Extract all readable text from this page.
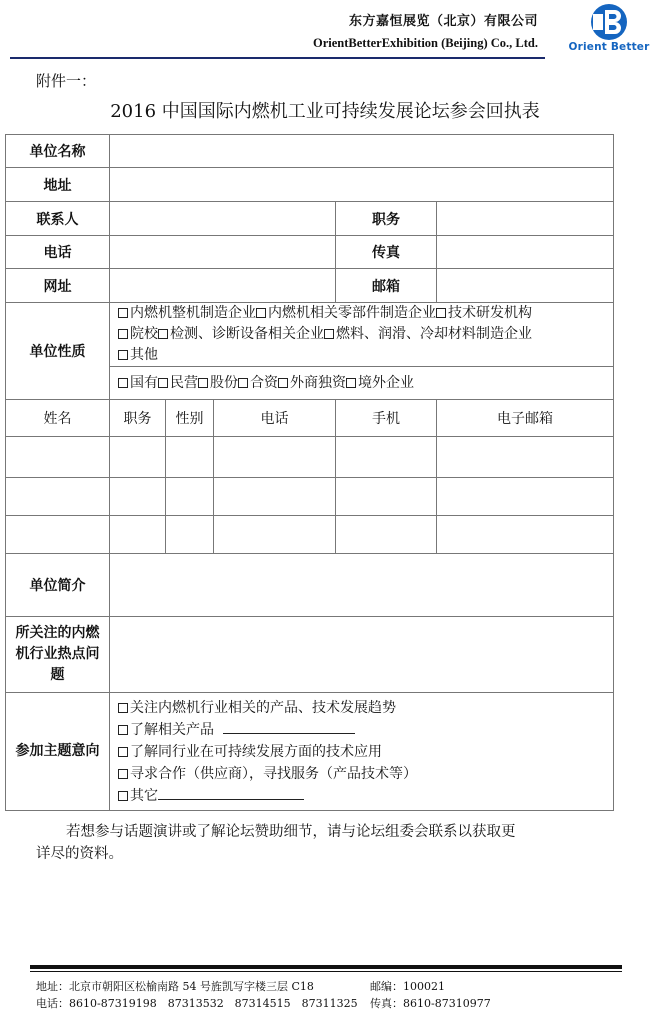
东方嘉恒展览（北京）有限公司
OrientBetterExhibition (Beijing) Co., Ltd.	Orient Better
附件一：
2016 中国国际内燃机工业可持续发展论坛参会回执表
单位名称					
地址					
联系人				职务	
电话				传真	
网址				邮箱	
单位性质	内燃机整机制造企业 内燃机相关零部件制造企业 技术研发机构
院校 检测、诊断设备相关企业 燃料、润滑、冷却材料制造企业
其他				
	国有 民营 股份 合资 外商独资 境外企业				
姓名	职务	性别	电话	手机	电子邮箱

单位简介					
所关注的内燃机行业热点问题					
参加主题意向	关注内燃机行业相关的产品、技术发展趋势
了解相关产品
了解同行业在可持续发展方面的技术应用
寻求合作（供应商），寻找服务（产品技术等）
其它				
若想参与话题演讲或了解论坛赞助细节，请与论坛组委会联系以获取更
详尽的资料。
地址：北京市朝阳区松榆南路 54 号旌凯写字楼三层 C18	邮编：100021
电话：8610-87319198　87313532　87314515　87311325 传真：8610-87310977
